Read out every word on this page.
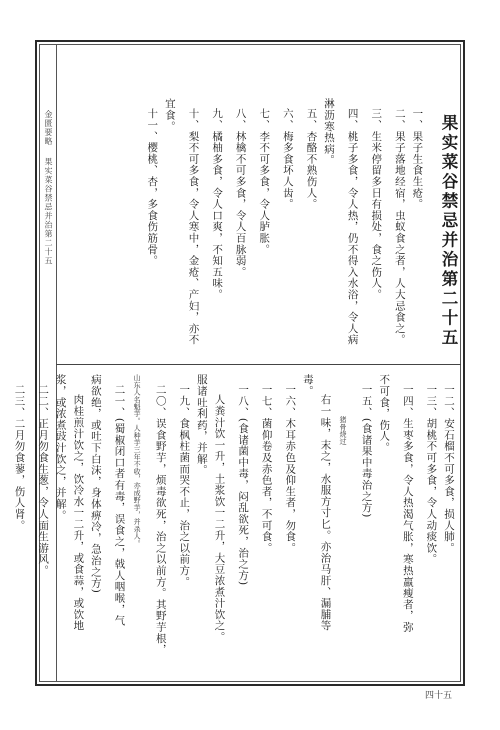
金匮要略 果实菜谷禁忌并治第二十五	果实菜谷禁忌并治第二十五
一、果子生食生疮。
二、果子落地经宿，虫蚁食之者，人大忌食之。
三、生米停留多日有损处，食之伤人。
四、桃子多食，令人热，仍不得入水浴，令人病
淋沥寒热病。
五、杏酪不熟伤人。
六、梅多食坏人齿。
七、李不可多食，令人胪胀。
八、林檎不可多食，令人百脉弱。
九、橘柚多食，令人口爽，不知五味。
十、梨不可多食，令人寒中，金疮、产妇，亦不
宜食。
十一、樱桃、杏，多食伤筋骨。
一二、安石榴不可多食，损人肺。
一三、胡桃不可多食，令人动痰饮。
一四、生枣多食，令人热渴气胀，寒热羸瘦者，弥
不可食，伤人。
一五、(食诸果中毒治之方)
猪骨烧过
右一味，末之，水服方寸匕。亦治马肝、漏脯等
毒。
一六、木耳赤色及仰生者，勿食。
一七、菌仰卷及赤色者，不可食。
一八、(食诸菌中毒，闷乱欲死，治之方)
人粪汁饮一升，土浆饮一二升，大豆浓煮汁饮之。
服诸吐利药，并解。
一九、食枫柱菌而哭不止，治之以前方。
二〇、误食野芋，烦毒欲死，治之以前方。其野芋根，
山东人名魁芋。人种芋三年不收，亦成野芋，并杀人。
二一、(蜀椒闭口者有毒，误食之，戟人咽喉，气
病欲绝，或吐下白沫，身体痹冷，急治之方)
肉桂煎汁饮之，饮冷水一二升，或食蒜，或饮地
浆，或浓煮豉汁饮之，并解。
二二、正月勿食生葱，令人面生游风。
二三、二月勿食蓼，伤人肾。
四十五
